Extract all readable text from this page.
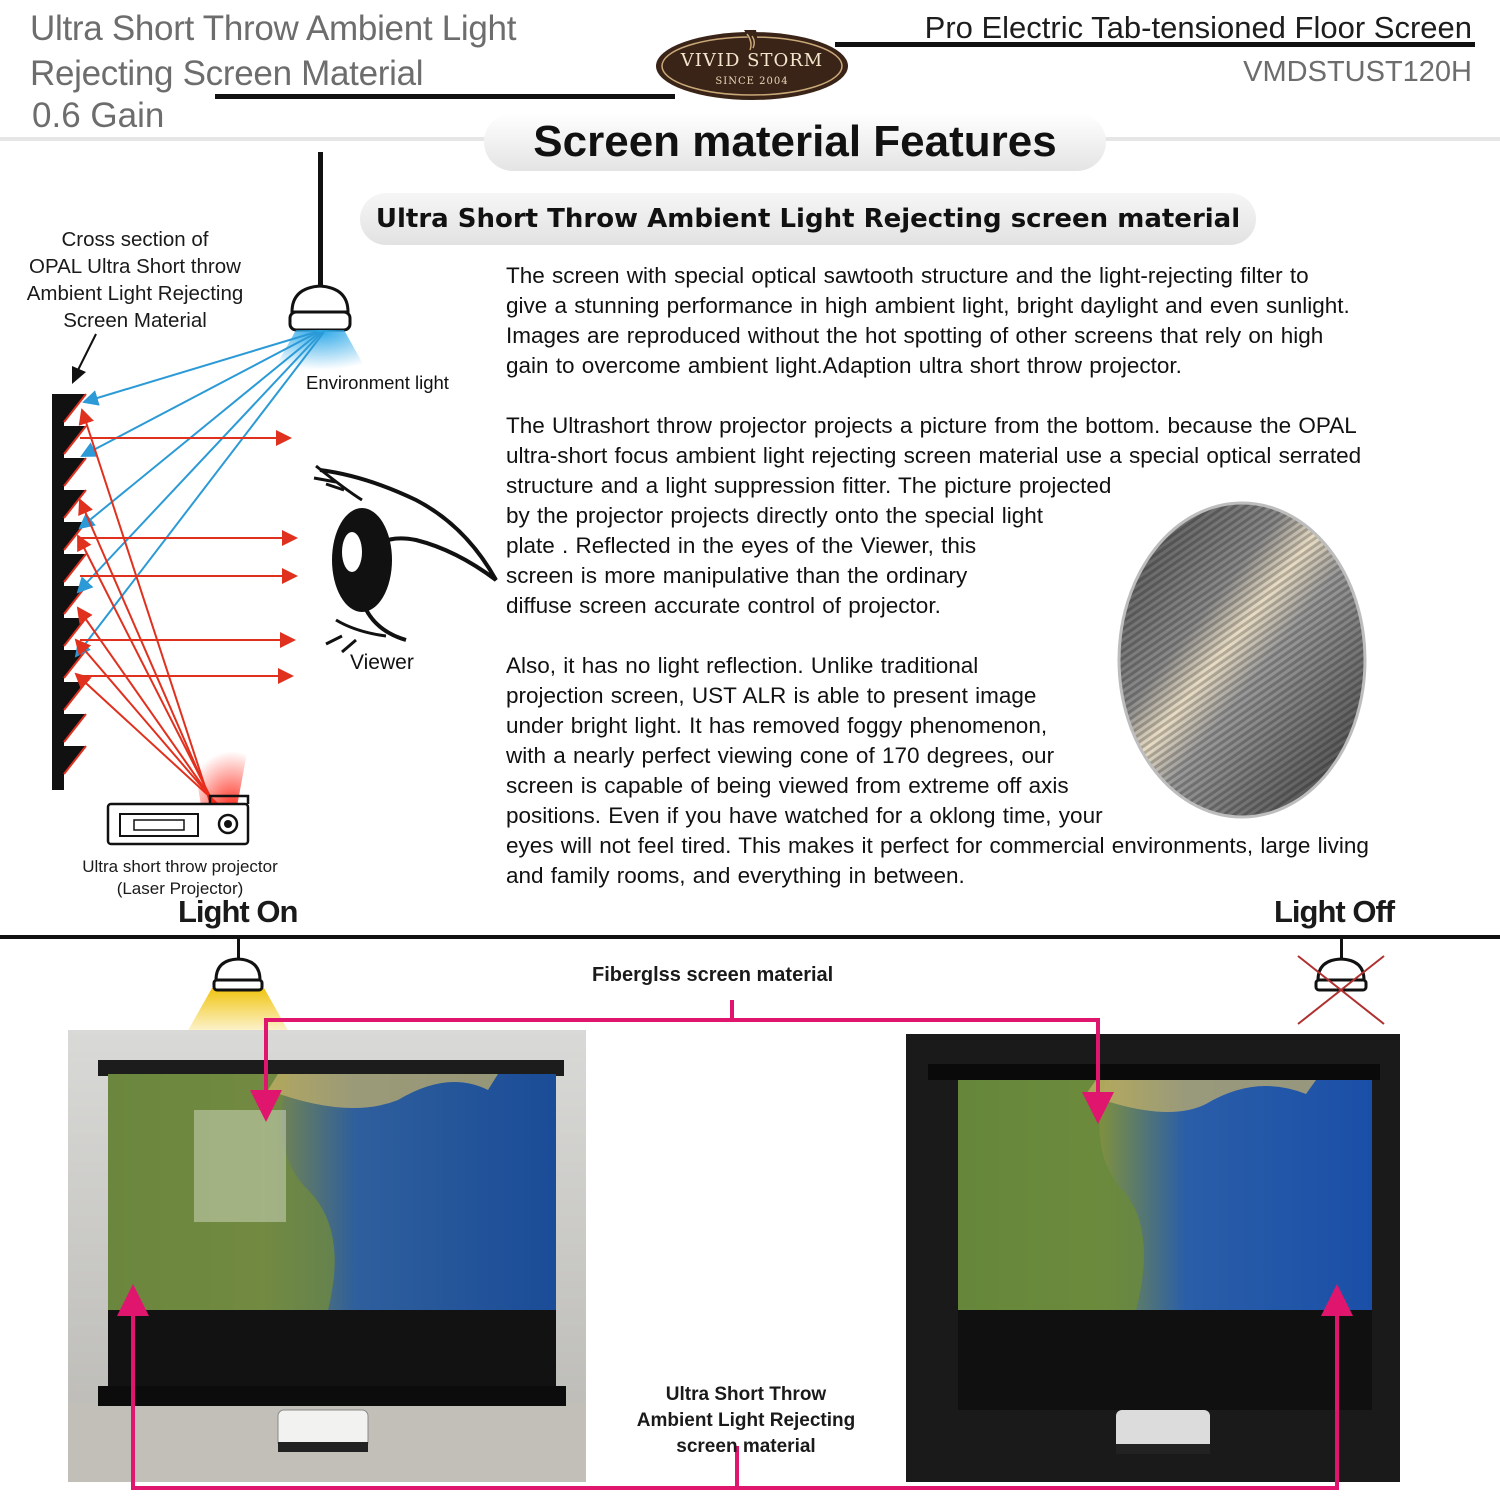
Ultra Short Throw Ambient Light
Rejecting Screen Material
0.6 Gain
VIVID STORM
SINCE 2004
Pro Electric Tab-tensioned Floor Screen
VMDSTUST120H
Screen material Features
Ultra Short Throw Ambient Light Rejecting screen material
Cross section of
OPAL Ultra Short throw
Ambient Light Rejecting
Screen Material
Environment light
Viewer
Ultra short throw projector
(Laser Projector)
The screen with special optical sawtooth structure and the light-rejecting filter to
give a stunning performance in high ambient light, bright daylight and even sunlight.
Images are reproduced without the hot spotting of other screens that rely on high
gain to overcome ambient light.Adaption ultra short throw projector.
The Ultrashort throw projector projects a picture from the bottom. because the OPAL
ultra-short focus ambient light rejecting screen material use a special optical serrated
structure and a light suppression fitter. The picture projected
by the projector projects directly onto the special light
plate . Reflected in the eyes of the Viewer, this
screen is more manipulative than the ordinary
diffuse screen accurate control of projector.
Also, it has no light reflection. Unlike traditional
projection screen, UST ALR is able to present image
under bright light. It has removed foggy phenomenon,
with a nearly perfect viewing cone of 170 degrees, our
screen is capable of being viewed from extreme off axis
positions. Even if you have watched for a oklong time, your
eyes will not feel tired. This makes it perfect for commercial environments, large living
and family rooms, and everything in between.
Light On	Light Off
Fiberglss screen material
Ultra Short Throw
Ambient Light Rejecting
screen material
